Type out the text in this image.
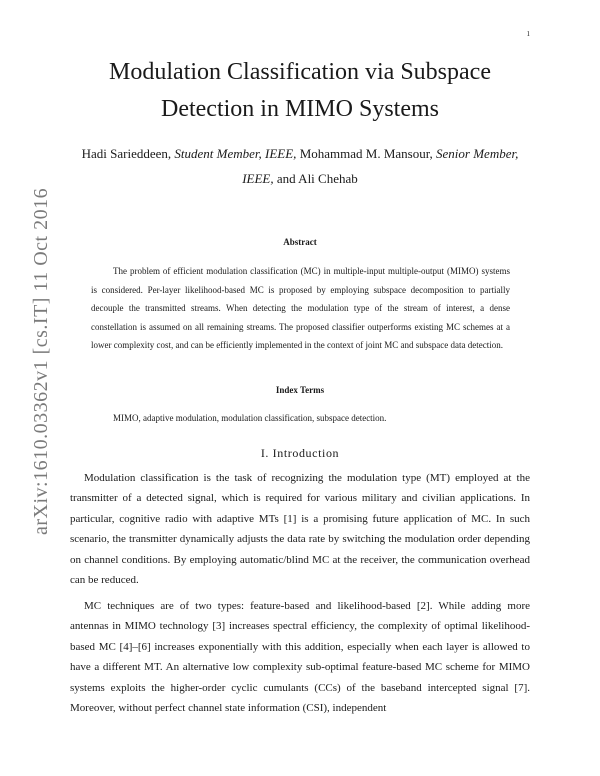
1
arXiv:1610.03362v1 [cs.IT] 11 Oct 2016
Modulation Classification via Subspace Detection in MIMO Systems

Hadi Sarieddeen, Student Member, IEEE, Mohammad M. Mansour, Senior Member, IEEE, and Ali Chehab

Abstract

The problem of efficient modulation classification (MC) in multiple-input multiple-output (MIMO) systems is considered. Per-layer likelihood-based MC is proposed by employing subspace decomposition to partially decouple the transmitted streams. When detecting the modulation type of the stream of interest, a dense constellation is assumed on all remaining streams. The proposed classifier outperforms existing MC schemes at a lower complexity cost, and can be efficiently implemented in the context of joint MC and subspace data detection.

Index Terms

MIMO, adaptive modulation, modulation classification, subspace detection.

I. Introduction

Modulation classification is the task of recognizing the modulation type (MT) employed at the transmitter of a detected signal, which is required for various military and civilian applications. In particular, cognitive radio with adaptive MTs [1] is a promising future application of MC. In such scenario, the transmitter dynamically adjusts the data rate by switching the modulation order depending on channel conditions. By employing automatic/blind MC at the receiver, the communication overhead can be reduced.

MC techniques are of two types: feature-based and likelihood-based [2]. While adding more antennas in MIMO technology [3] increases spectral efficiency, the complexity of optimal likelihood-based MC [4]–[6] increases exponentially with this addition, especially when each layer is allowed to have a different MT. An alternative low complexity sub-optimal feature-based MC scheme for MIMO systems exploits the higher-order cyclic cumulants (CCs) of the baseband intercepted signal [7]. Moreover, without perfect channel state information (CSI), independent
